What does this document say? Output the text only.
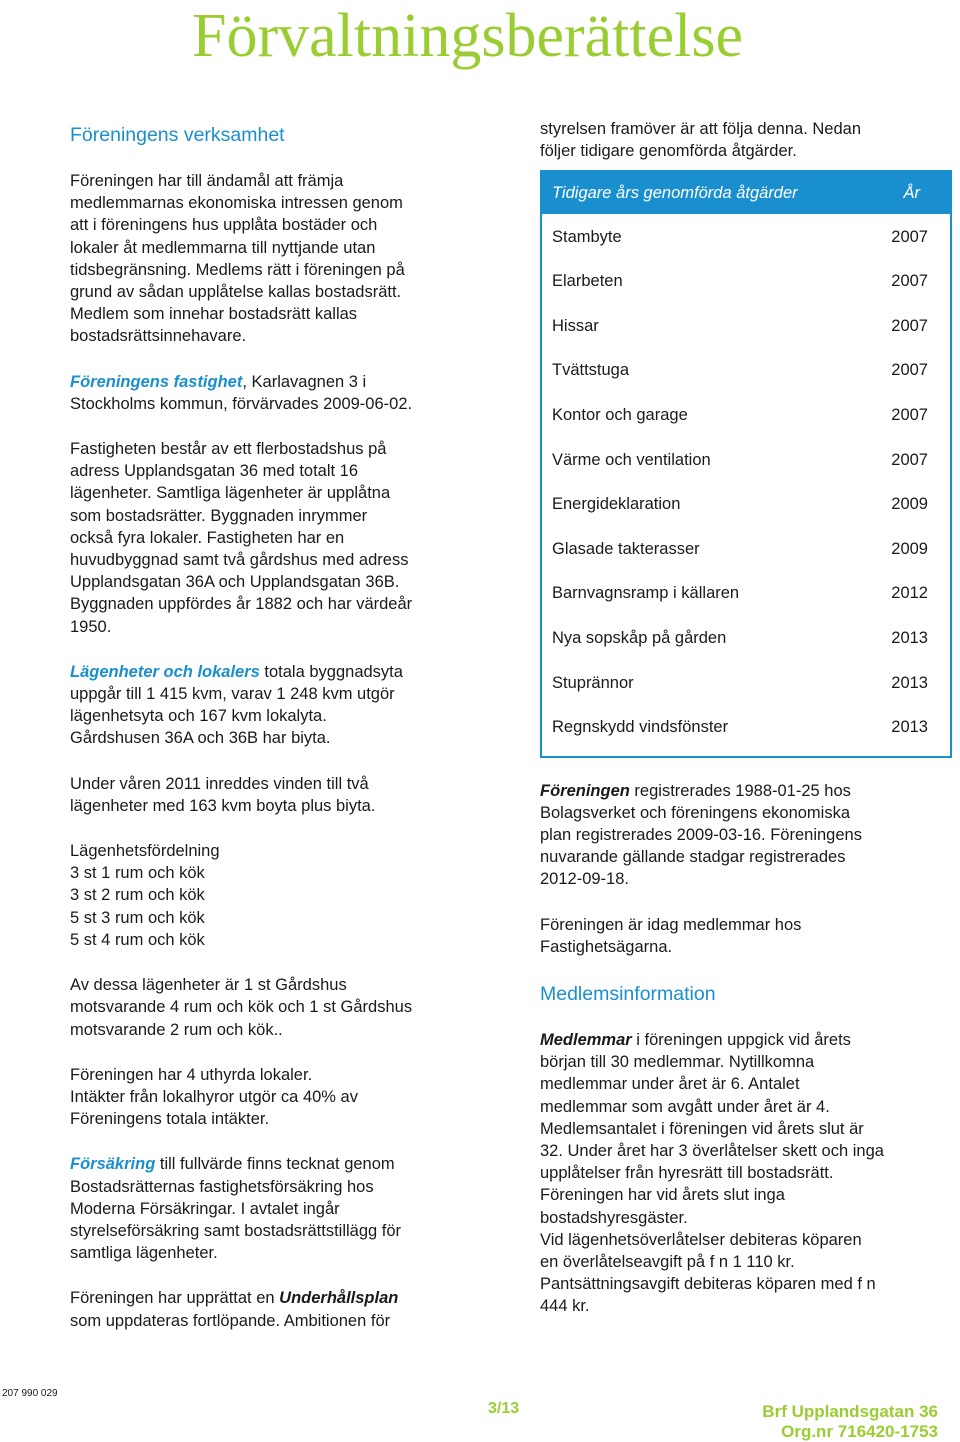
Förvaltningsberättelse
Föreningens verksamhet
Föreningen har till ändamål att främja
medlemmarnas ekonomiska intressen genom
att i föreningens hus upplåta bostäder och
lokaler åt medlemmarna till nyttjande utan
tidsbegränsning. Medlems rätt i föreningen på
grund av sådan upplåtelse kallas bostadsrätt.
Medlem som innehar bostadsrätt kallas
bostadsrättsinnehavare.
Föreningens fastighet, Karlavagnen 3 i
Stockholms kommun, förvärvades 2009-06-02.
Fastigheten består av ett flerbostadshus på
adress Upplandsgatan 36 med totalt 16
lägenheter. Samtliga lägenheter är upplåtna
som bostadsrätter. Byggnaden inrymmer
också fyra lokaler. Fastigheten har en
huvudbyggnad samt två gårdshus med adress
Upplandsgatan 36A och Upplandsgatan 36B.
Byggnaden uppfördes år 1882 och har värdeår
1950.
Lägenheter och lokalers totala byggnadsyta
uppgår till 1 415 kvm, varav 1 248 kvm utgör
lägenhetsyta och 167 kvm lokalyta.
Gårdshusen 36A och 36B har biyta.
Under våren 2011 inreddes vinden till två
lägenheter med 163 kvm boyta plus biyta.
Lägenhetsfördelning
3 st 1 rum och kök
3 st 2 rum och kök
5 st 3 rum och kök
5 st 4 rum och kök
Av dessa lägenheter är 1 st Gårdshus
motsvarande 4 rum och kök och 1 st Gårdshus
motsvarande 2 rum och kök..
Föreningen har 4 uthyrda lokaler.
Intäkter från lokalhyror utgör ca 40% av
Föreningens totala intäkter.
Försäkring till fullvärde finns tecknat genom
Bostadsrätternas fastighetsförsäkring hos
Moderna Försäkringar. I avtalet ingår
styrelseförsäkring samt bostadsrättstillägg för
samtliga lägenheter.
Föreningen har upprättat en Underhållsplan
som uppdateras fortlöpande. Ambitionen för
styrelsen framöver är att följa denna. Nedan
följer tidigare genomförda åtgärder.
Tidigare års genomförda åtgärder	År
Stambyte	2007
Elarbeten	2007
Hissar	2007
Tvättstuga	2007
Kontor och garage	2007
Värme och ventilation	2007
Energideklaration	2009
Glasade takterasser	2009
Barnvagnsramp i källaren	2012
Nya sopskåp på gården	2013
Stuprännor	2013
Regnskydd vindsfönster	2013
Föreningen registrerades 1988-01-25 hos
Bolagsverket och föreningens ekonomiska
plan registrerades 2009-03-16. Föreningens
nuvarande gällande stadgar registrerades
2012-09-18.
Föreningen är idag medlemmar hos
Fastighetsägarna.
Medlemsinformation
Medlemmar i föreningen uppgick vid årets
början till 30 medlemmar. Nytillkomna
medlemmar under året är 6. Antalet
medlemmar som avgått under året är 4.
Medlemsantalet i föreningen vid årets slut är
32. Under året har 3 överlåtelser skett och inga
upplåtelser från hyresrätt till bostadsrätt.
Föreningen har vid årets slut inga
bostadshyresgäster.
Vid lägenhetsöverlåtelser debiteras köparen
en överlåtelseavgift på f n 1 110 kr.
Pantsättningsavgift debiteras köparen med f n
444 kr.
207 990 029
3/13	Brf Upplandsgatan 36
Org.nr 716420-1753
